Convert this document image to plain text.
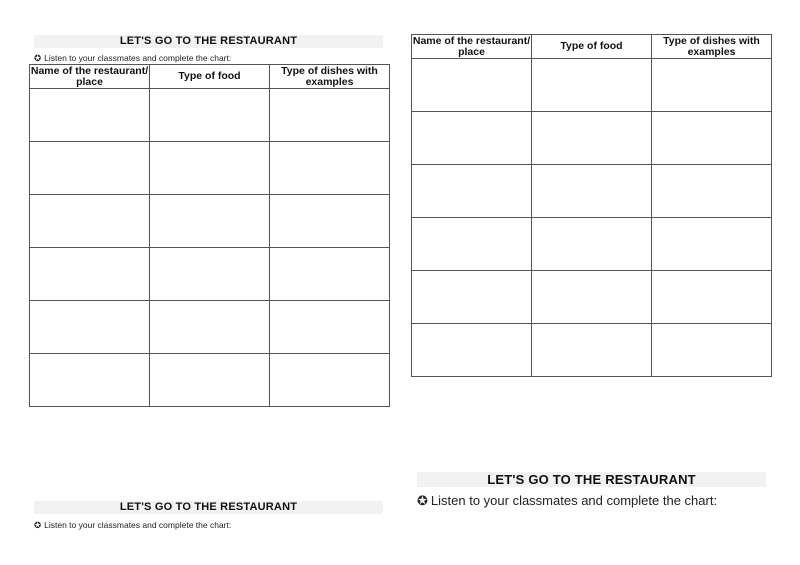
LET'S GO TO THE RESTAURANT
✪ Listen to your classmates and complete the chart:
Name of the restaurant/ place	Type of food	Type of dishes with examples

Name of the restaurant/ place	Type of food	Type of dishes with examples

LET'S GO TO THE RESTAURANT
✪ Listen to your classmates and complete the chart:
LET'S GO TO THE RESTAURANT
✪ Listen to your classmates and complete the chart:
